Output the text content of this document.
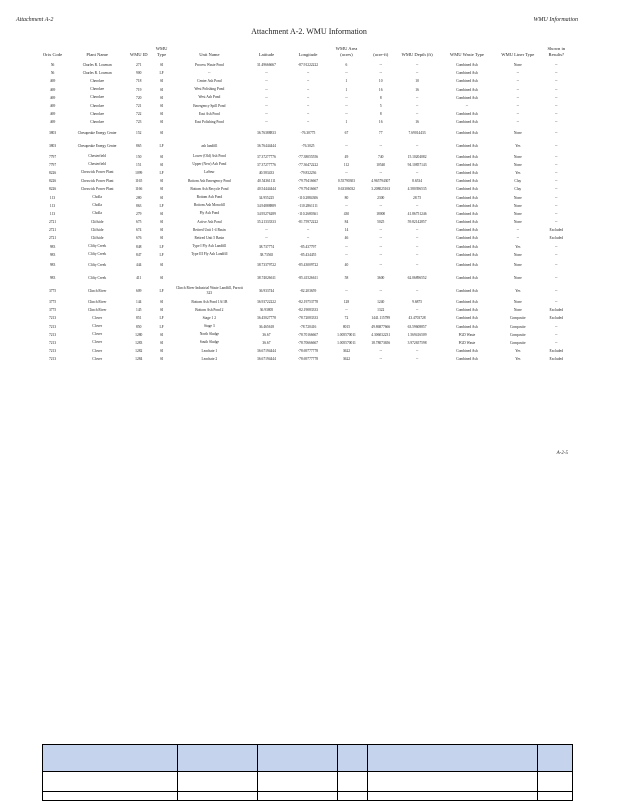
Attachment A-2	WMU Information
Attachment A-2. WMU Information
Orix Code	Plant Name	WMU ID	WMU Type	Unit Name	Latitude	Longitude	WMU Area (acres)	(acre-ft)	WMU Depth (ft)	WMU Waste Type	WMU Liner Type	Shown in Results?
56	Charles R. Lowman	271	SI	Process Waste Pond	31.49666667	-87.91222222	6	--	--	Combined Ash	None	--
56	Charles R. Lowman	900	LF	--	--	--	--	--	--	Combined Ash	--	--
469	Cherokee	718	SI	Center Ash Pond	--	--	1	10	10	Combined Ash	--	--
469	Cherokee	719	SI	West Polishing Pond	--	--	1	16	16	Combined Ash	--	--
469	Cherokee	720	SI	West Ash Pond	--	--	--	8	--	Combined Ash	--	--
469	Cherokee	721	SI	Emergency Spill Pond	--	--	--	5	--	--	--	--
469	Cherokee	722	SI	East Ash Pond	--	--	--	8	--	Combined Ash	--	--
469	Cherokee	723	SI	East Polishing Pond	--	--	1	16	16	Combined Ash	--	--
3803	Chesapeake Energy Center	152	SI		36.76388833	-76.30775	67	77	7.69014433	Combined Ash	None	--
3803	Chesapeake Energy Center	865	LF	ash landfill	36.76444444	-76.3025	--	--	--	Combined Ash	Yes	--
7797	Chesterfield	150	SI	Lower (Old) Ash Pond	37.37277776	-77.38055556	49	740	15.10204082	Combined Ash	None	--
7797	Chesterfield	151	SI	Upper (New) Ash Pond	37.37277776	-77.36472222	112	10540	94.10857143	Combined Ash	None	--
8226	Cheswick Power Plant	1099	LF	LaSeur	40.583433	-79.832236	--	--	--	Combined Ash	Yes	--
8226	Cheswick Power Plant	1165	SI	Bottom Ash Emergency Pond	40.54361111	-79.79416667	0.55790303	4.965794307	8.6534	Combined Ash	Clay	--
8226	Cheswick Power Plant	1166	SI	Bottom Ash Recycle Pond	40.54444444	-79.79416667	0.63306032	3.208025163	4.580396535	Combined Ash	Clay	--
113	Cholla	280	SI	Bottom Ash Pond	34.955225	-110.2884306	80	2300	28.75	Combined Ash	None	--
113	Cholla	863	LF	Bottom Ash Monofill	34.94888889	-110.2861111	--	--	--	Combined Ash	None	--
113	Cholla	279	SI	Fly Ash Pond	34.95276289	-110.2680361	430	18000	41.86751246	Combined Ash	None	--
2721	Cliffside	675	SI	Active Ash Pond	35.21333333	-81.75972222	84	5025	59.82142857	Combined Ash	None	--
2721	Cliffside	674	SI	Retired Unit 1-4 Basin	--	--	14	--	--	Combined Ash	--	Excluded
2721	Cliffside	676	SI	Retired Unit 5 Basin	--	--	46	--	--	Combined Ash	--	Excluded
983	Clifty Creek	848	LF	Type I Fly Ash Landfill	38.737774	-85.437797	--	--	--	Combined Ash	Yes	--
983	Clifty Creek	847	LF	Type III Fly Ash Landfill	38.73565	-85.434455	--	--	--	Combined Ash	None	--
983	Clifty Creek	444	SI		38.73379722	-85.43009722	40	--	--	Combined Ash	None	--
983	Clifty Creek	411	SI		38.74026611	-85.41526611	58	3600	62.06896552	Combined Ash	None	--
3775	Clinch River	609	LF	Clinch River Industrial Waste Landfill, Parrott 323	36.933744	-82.203659	--	--	--	Combined Ash	Yes	--
3775	Clinch River	144	SI	Bottom Ash Pond 1A/1B	36.93722222	-82.19753778	128	1240	9.6875	Combined Ash	None	--
3775	Clinch River	145	SI	Bottom Ash Pond 2	36.93805	-82.19083333	--	1322	--	Combined Ash	None	Excluded
7213	Clover	851	LF	Stage 1 2	36.45027778	-78.72083333	72	1441.115789	43.4703728	Combined Ash	Composite	Excluded
7213	Clover	850	LF	Stage 3	36.465618	-78.720416	8015	49.86877666	63.59608857	Combined Ash	Composite	--
7213	Clover	1280	SI	North Sludge	36.67	-78.70166667	1.005570011	4.306032231	1.569416509	FGD Waste	Composite	--
7213	Clover	1283	SI	South Sludge	36.67	-78.70666667	1.005570011	18.78073656	3.972657598	FGD Waste	Composite	--
7213	Clover	1282	SI	Leachate 1	36.67194444	-78.69777778	3622	--	--	Combined Ash	Yes	Excluded
7213	Clover	1284	SI	Leachate 2	36.67194444	-78.69777778	3622	--	--	Combined Ash	Yes	Excluded
A-2-5
